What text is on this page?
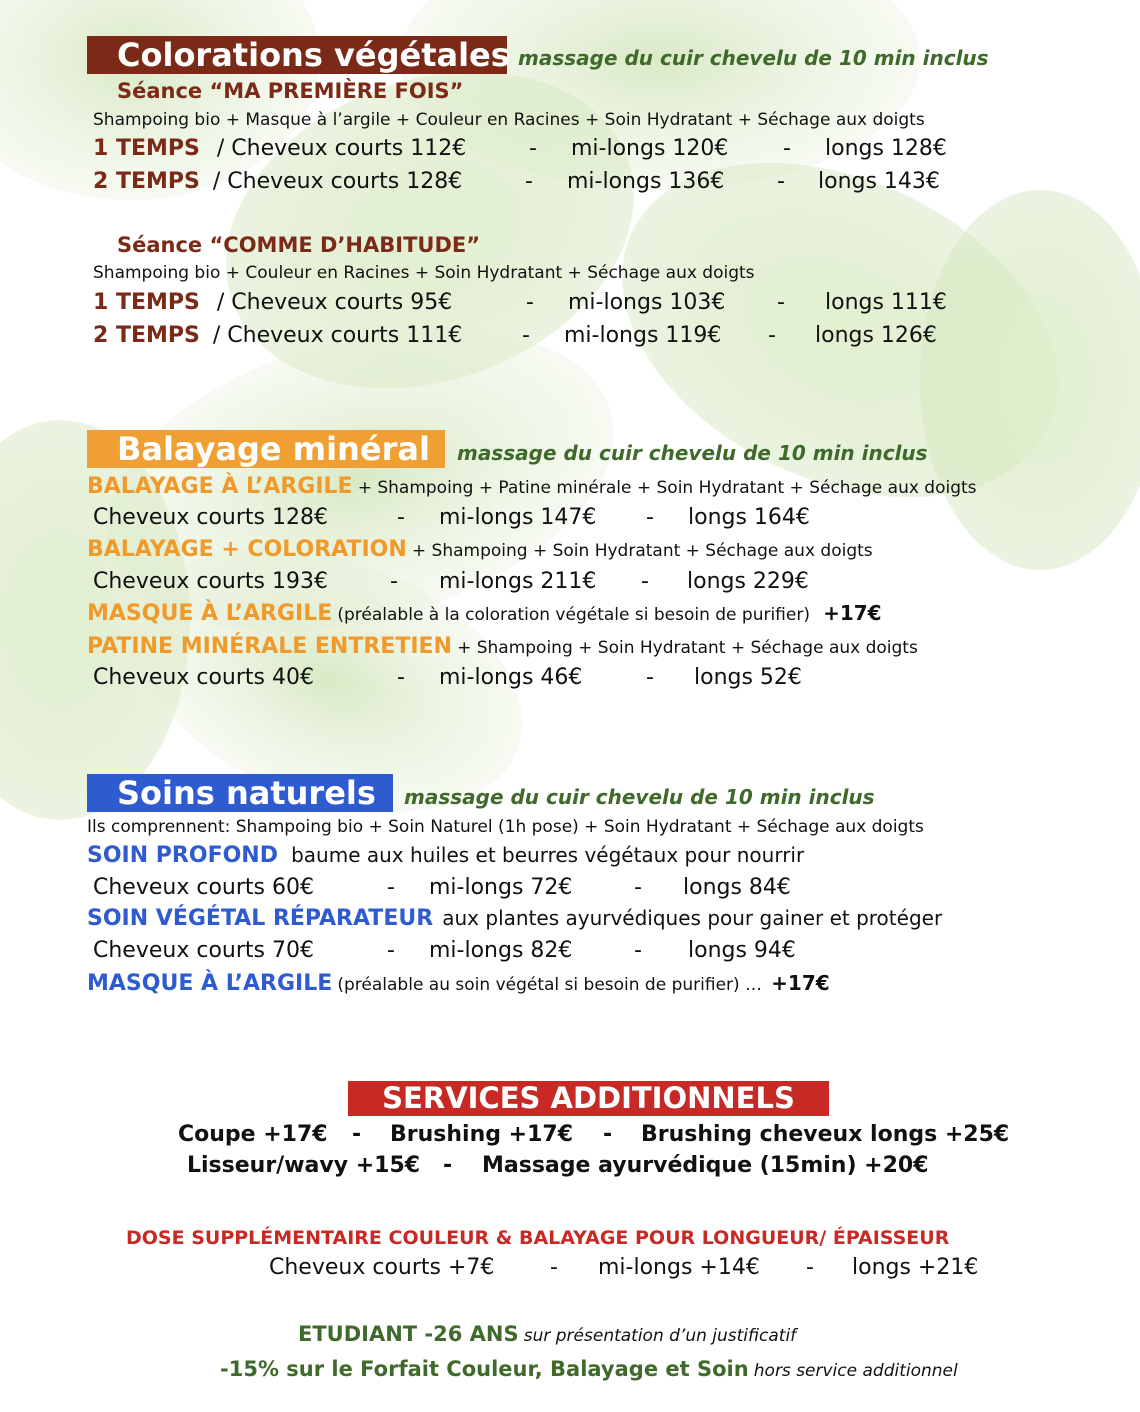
Colorations végétales massage du cuir chevelu de 10 min inclus
Séance “MA PREMIÈRE FOIS”
Shampoing bio + Masque à l’argile + Couleur en Racines + Soin Hydratant + Séchage aux doigts
1 TEMPS / Cheveux courts 112€	- mi-longs 120€ - longs 128€
2 TEMPS / Cheveux courts 128€	- mi-longs 136€ - longs 143€
Séance “COMME D’HABITUDE”
Shampoing bio + Couleur en Racines + Soin Hydratant + Séchage aux doigts
1 TEMPS / Cheveux courts 95€	- mi-longs 103€ - longs 111€
2 TEMPS / Cheveux courts 111€	- mi-longs 119€ - longs 126€
Balayage minéral	massage du cuir chevelu de 10 min inclus
BALAYAGE À L’ARGILE + Shampoing + Patine minérale + Soin Hydratant + Séchage aux doigts
Cheveux courts 128€	- mi-longs 147€ - longs 164€
BALAYAGE + COLORATION + Shampoing + Soin Hydratant + Séchage aux doigts
Cheveux courts 193€	- mi-longs 211€ - longs 229€
MASQUE À L’ARGILE (préalable à la coloration végétale si besoin de purifier) +17€
PATINE MINÉRALE ENTRETIEN + Shampoing + Soin Hydratant + Séchage aux doigts
Cheveux courts 40€	- mi-longs 46€	- longs 52€
Soins naturels	massage du cuir chevelu de 10 min inclus
Ils comprennent: Shampoing bio + Soin Naturel (1h pose) + Soin Hydratant + Séchage aux doigts
SOIN PROFOND baume aux huiles et beurres végétaux pour nourrir
Cheveux courts 60€	- mi-longs 72€	- longs 84€
SOIN VÉGÉTAL RÉPARATEUR aux plantes ayurvédiques pour gainer et protéger
Cheveux courts 70€	- mi-longs 82€	- longs 94€
MASQUE À L’ARGILE (préalable au soin végétal si besoin de purifier) … +17€
SERVICES ADDITIONNELS
Coupe +17€ - Brushing +17€ - Brushing cheveux longs +25€
Lisseur/wavy +15€ - Massage ayurvédique (15min) +20€
DOSE SUPPLÉMENTAIRE COULEUR & BALAYAGE POUR LONGUEUR/ ÉPAISSEUR
Cheveux courts +7€	- mi-longs +14€ - longs +21€
ETUDIANT -26 ANS sur présentation d’un justificatif
-15% sur le Forfait Couleur, Balayage et Soin hors service additionnel
